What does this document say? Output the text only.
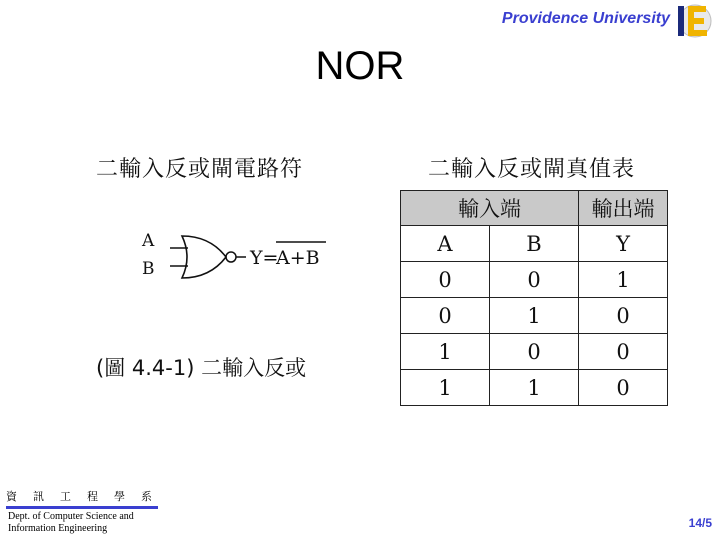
Providence University
NOR
二輸入反或閘電路符	二輸入反或閘真值表
A
B	Y=
A+B
(圖 4.4-1) 二輸入反或
輸入端		輸出端
A	B	Y
0	0	1
0	1	0
1	0	0
1	1	0
資訊工程學系
Dept. of Computer Science and
Information Engineering	14/5
